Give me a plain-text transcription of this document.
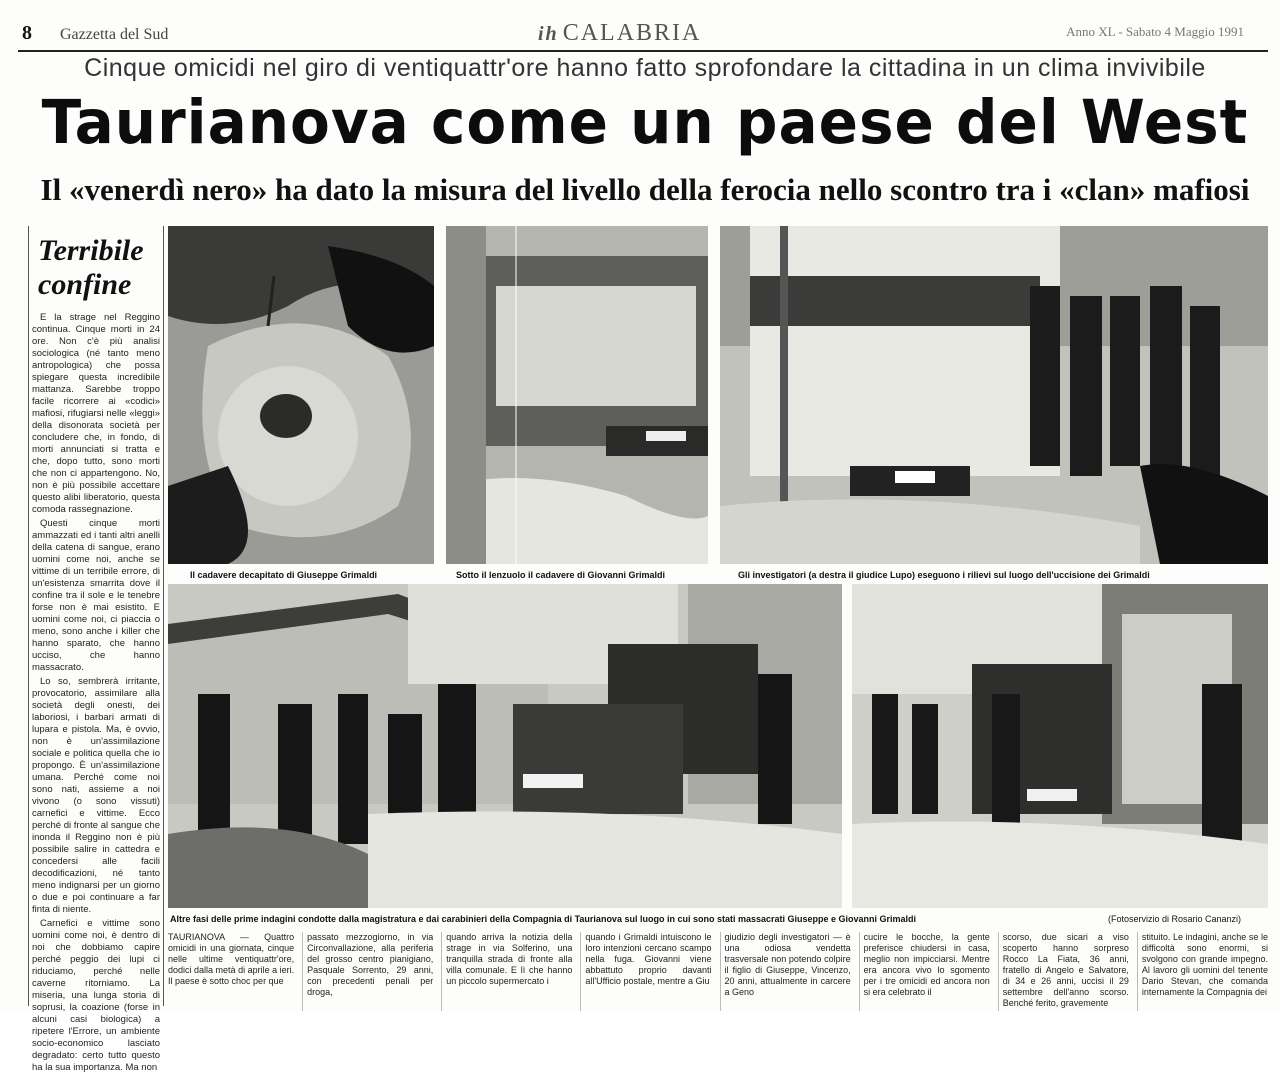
8 Gazzetta del Sud	ih CALABRIA	Anno XL - Sabato 4 Maggio 1991
Cinque omicidi nel giro di ventiquattr'ore hanno fatto sprofondare la cittadina in un clima invivibile
Taurianova come un paese del West
Il «venerdì nero» ha dato la misura del livello della ferocia nello scontro tra i «clan» mafiosi
Terribile
confine

E la strage nel Reggino continua. Cinque morti in 24 ore. Non c'è più analisi sociologica (né tanto meno antropologica) che possa spiegare questa incredibile mattanza. Sarebbe troppo facile ricorrere ai «codici» mafiosi, rifugiarsi nelle «leggi» della disonorata società per concludere che, in fondo, di morti annunciati si tratta e che, dopo tutto, sono morti che non ci appartengono. No, non è più possibile accettare questo alibi liberatorio, questa comoda rassegnazione.

Questi cinque morti ammazzati ed i tanti altri anelli della catena di sangue, erano uomini come noi, anche se vittime di un terribile errore, di un'esistenza smarrita dove il confine tra il sole e le tenebre forse non è mai esistito. E uomini come noi, ci piaccia o meno, sono anche i killer che hanno sparato, che hanno ucciso, che hanno massacrato.

Lo so, sembrerà irritante, provocatorio, assimilare alla società degli onesti, dei laboriosi, i barbari armati di lupara e pistola. Ma, è ovvio, non è un'assimilazione sociale e politica quella che io propongo. È un'assimilazione umana. Perché come noi sono nati, assieme a noi vivono (o sono vissuti) carnefici e vittime. Ecco perché di fronte al sangue che inonda il Reggino non è più possibile salire in cattedra e concedersi alle facili decodificazioni, né tanto meno indignarsi per un giorno o due e poi continuare a far finta di niente.

Carnefici e vittime sono uomini come noi, è dentro di noi che dobbiamo capire perché peggio dei lupi ci riduciamo, perché nelle caverne ritorniamo. La miseria, una lunga storia di soprusi, la coazione (forse in alcuni casi biologica) a ripetere l'Errore, un ambiente socio-economico lasciato degradato: certo tutto questo ha la sua importanza. Ma non

Il cadavere decapitato di Giuseppe Grimaldi	Sotto il lenzuolo il cadavere di Giovanni Grimaldi	Gli investigatori (a destra il giudice Lupo) eseguono i rilievi sul luogo dell'uccisione dei Grimaldi
Altre fasi delle prime indagini condotte dalla magistratura e dai carabinieri della Compagnia di Taurianova sul luogo in cui sono stati massacrati Giuseppe e Giovanni Grimaldi	(Fotoservizio di Rosario Cananzi)
TAURIANOVA — Quattro omicidi in una giornata, cinque nelle ultime ventiquattr'ore, dodici dalla metà di aprile a ieri. Il paese è sotto choc per que
passato mezzogiorno, in via Circonvallazione, alla periferia del grosso centro pianigiano, Pasquale Sorrento, 29 anni, con precedenti penali per droga,
quando arriva la notizia della strage in via Solferino, una tranquilla strada di fronte alla villa comunale. E lì che hanno un piccolo supermercato i
quando i Grimaldi intuiscono le loro intenzioni cercano scampo nella fuga. Giovanni viene abbattuto proprio davanti all'Ufficio postale, mentre a Giu
giudizio degli investigatori — è una odiosa vendetta trasversale non potendo colpire il figlio di Giuseppe, Vincenzo, 20 anni, attualmente in carcere a Geno
cucire le bocche, la gente preferisce chiudersi in casa, meglio non impicciarsi. Mentre era ancora vivo lo sgomento per i tre omicidi ed ancora non si era celebrato il
scorso, due sicari a viso scoperto hanno sorpreso Rocco La Fiata, 36 anni, fratello di Angelo e Salvatore, di 34 e 26 anni, uccisi il 29 settembre dell'anno scorso. Benché ferito, gravemente
stituito. Le indagini, anche se le difficoltà sono enormi, si svolgono con grande impegno. Al lavoro gli uomini del tenente Dario Stevan, che comanda internamente la Compagnia dei
